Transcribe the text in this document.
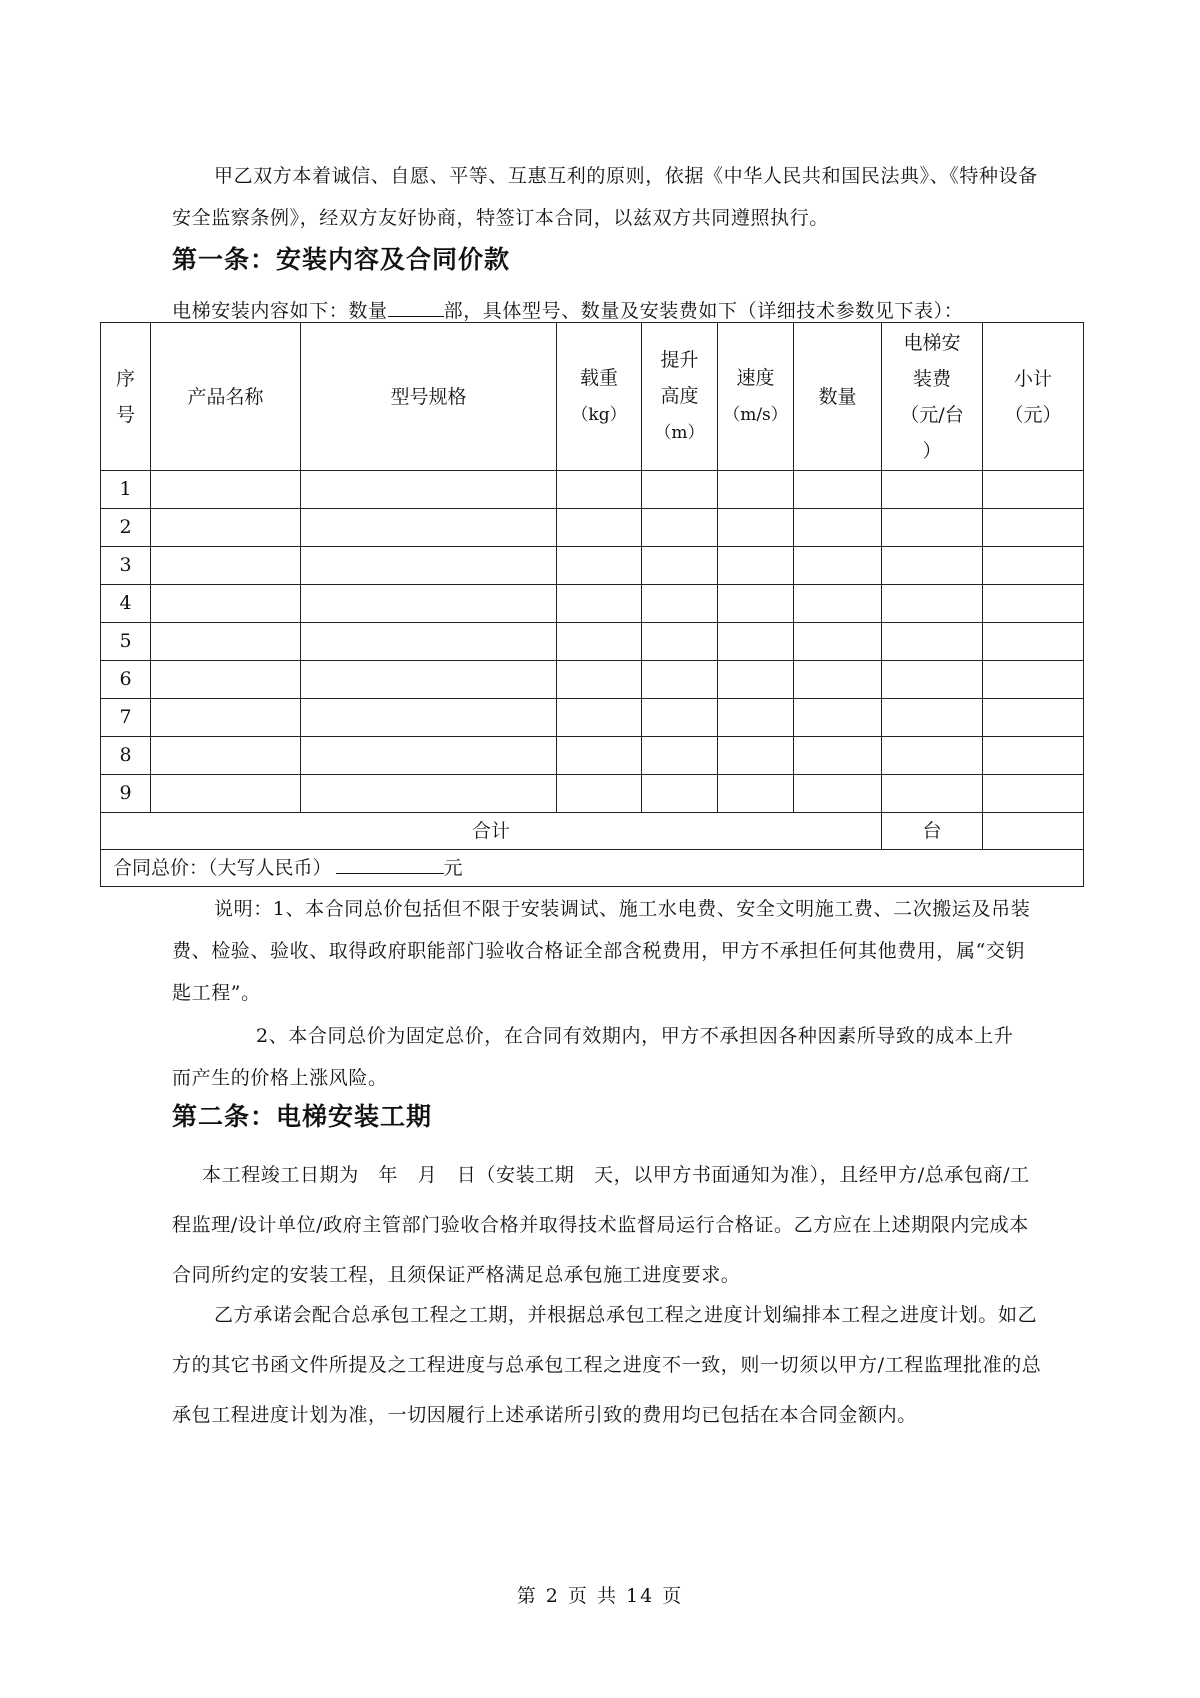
甲乙双方本着诚信、自愿、平等、互惠互利的原则，依据《中华人民共和国民法典》、《特种设备安全监察条例》，经双方友好协商，特签订本合同，以兹双方共同遵照执行。

第一条：安装内容及合同价款

电梯安装内容如下：数量	部，具体型号、数量及安装费如下（详细技术参数见下表）：

序
号	产品名称	型号规格	载重
（kg）	提升
高度
（m）	速度
（m/s）	数量	电梯安
装费
（元/台
）	小计
（元）
1								
2								
3								
4								
5								
6								
7								
8								
9								
合计							台	
合同总价：（大写人民币） 元								

说明：1、本合同总价包括但不限于安装调试、施工水电费、安全文明施工费、二次搬运及吊装费、检验、验收、取得政府职能部门验收合格证全部含税费用，甲方不承担任何其他费用，属“交钥匙工程”。

2、本合同总价为固定总价，在合同有效期内，甲方不承担因各种因素所导致的成本上升而产生的价格上涨风险。

第二条：电梯安装工期

本工程竣工日期为　年　月　日（安装工期　天，以甲方书面通知为准），且经甲方/总承包商/工程监理/设计单位/政府主管部门验收合格并取得技术监督局运行合格证。乙方应在上述期限内完成本合同所约定的安装工程，且须保证严格满足总承包施工进度要求。

乙方承诺会配合总承包工程之工期，并根据总承包工程之进度计划编排本工程之进度计划。如乙方的其它书函文件所提及之工程进度与总承包工程之进度不一致，则一切须以甲方/工程监理批准的总承包工程进度计划为准，一切因履行上述承诺所引致的费用均已包括在本合同金额内。

第 2 页 共 14 页
